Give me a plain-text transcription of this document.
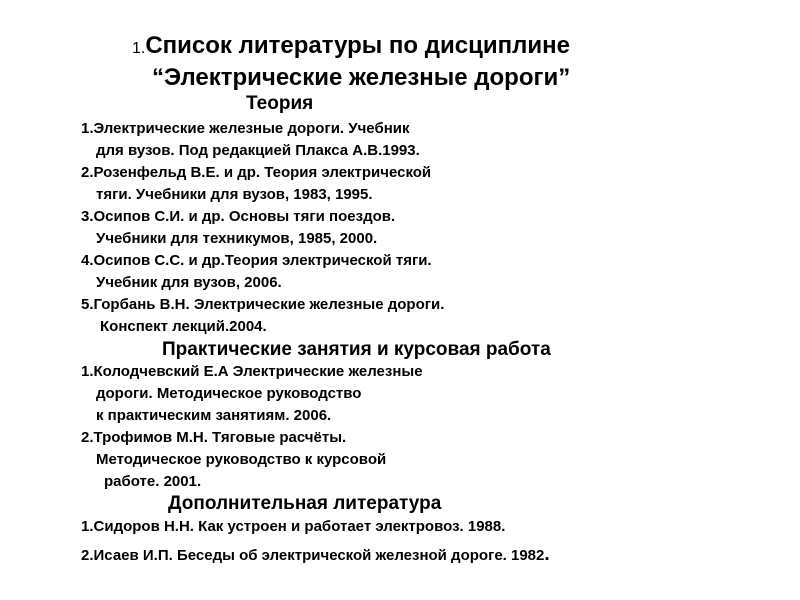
1.Список литературы по дисциплине
“Электрические железные дороги”
Теория
1.Электрические железные дороги. Учебник
для вузов. Под редакцией Плакса А.В.1993.
2.Розенфельд В.Е. и др. Теория электрической
тяги. Учебники для вузов, 1983, 1995.
3.Осипов С.И. и др. Основы тяги поездов.
Учебники для техникумов, 1985, 2000.
4.Осипов С.С. и др.Теория электрической тяги.
Учебник для вузов, 2006.
5.Горбань В.Н. Электрические железные дороги.
Конспект лекций.2004.
Практические занятия и курсовая работа
1.Колодчевский Е.А Электрические железные
дороги. Методическое руководство
к практическим занятиям. 2006.
2.Трофимов М.Н. Тяговые расчёты.
Методическое руководство к курсовой
работе. 2001.
Дополнительная литература
1.Сидоров Н.Н. Как устроен и работает электровоз. 1988.
2.Исаев И.П. Беседы об электрической железной дороге. 1982.
